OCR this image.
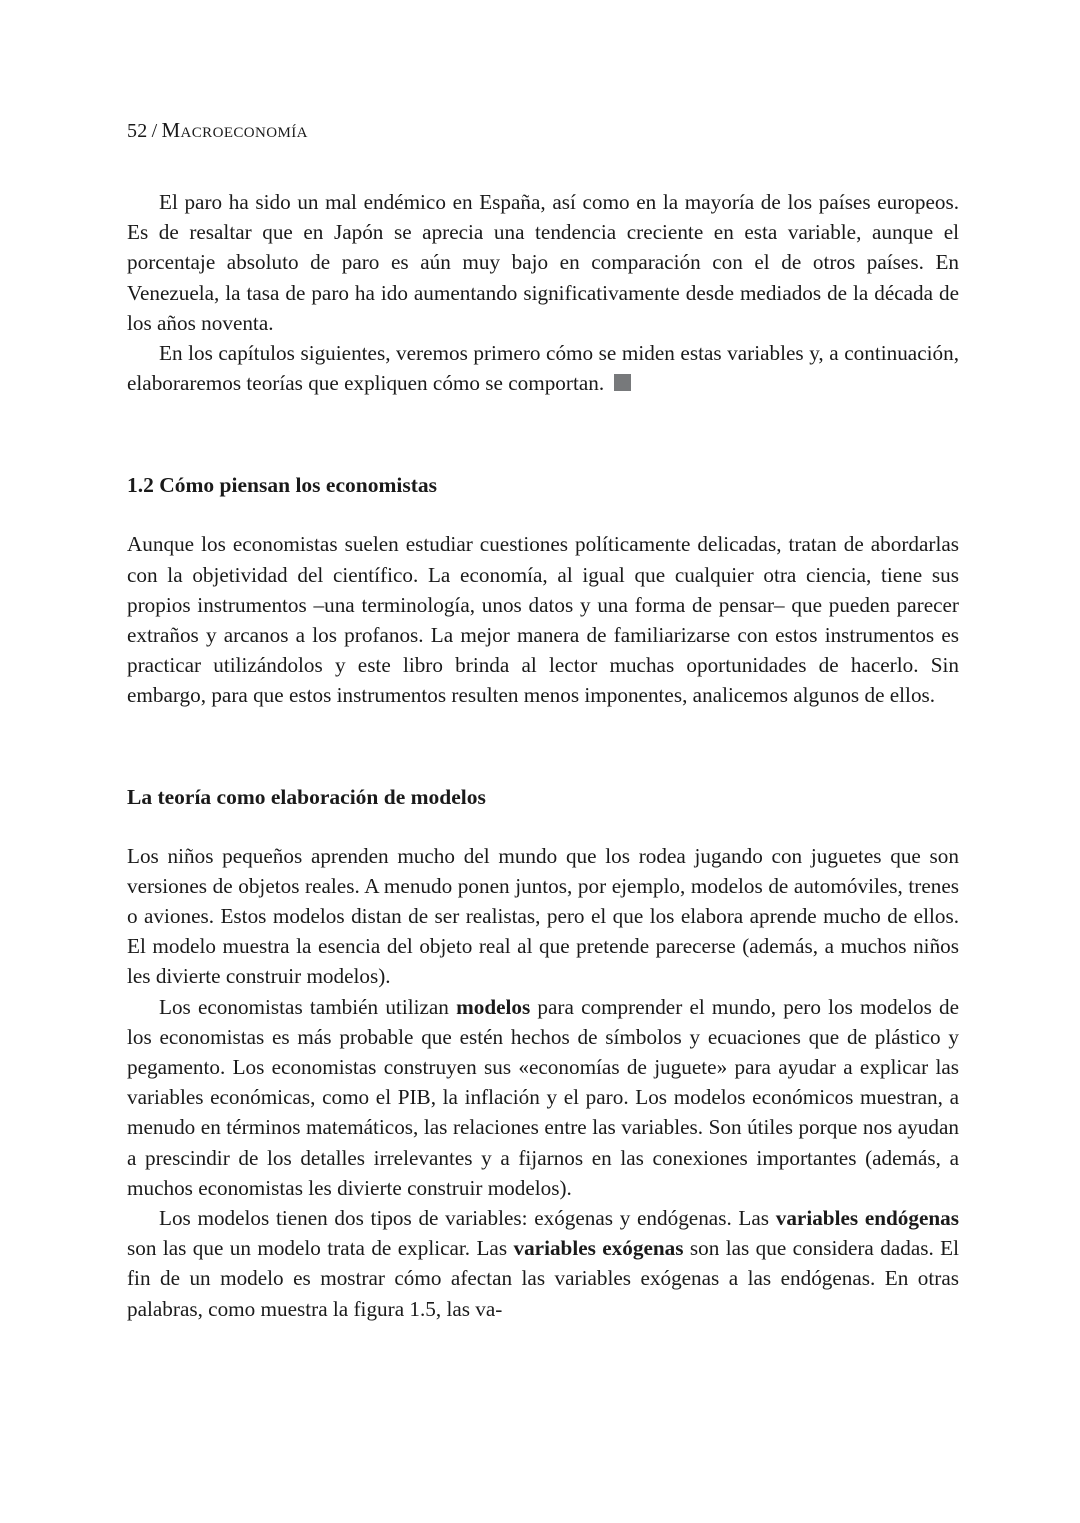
52 / Macroeconomía

El paro ha sido un mal endémico en España, así como en la mayoría de los países europeos. Es de resaltar que en Japón se aprecia una tendencia creciente en esta variable, aunque el porcentaje absoluto de paro es aún muy bajo en comparación con el de otros países. En Venezuela, la tasa de paro ha ido aumentando significativamente desde mediados de la década de los años noventa.

En los capítulos siguientes, veremos primero cómo se miden estas variables y, a continuación, elaboraremos teorías que expliquen cómo se comportan.

1.2 Cómo piensan los economistas

Aunque los economistas suelen estudiar cuestiones políticamente delicadas, tratan de abordarlas con la objetividad del científico. La economía, al igual que cualquier otra ciencia, tiene sus propios instrumentos –una terminología, unos datos y una forma de pensar– que pueden parecer extraños y arcanos a los profanos. La mejor manera de familiarizarse con estos instrumentos es practicar utilizándolos y este libro brinda al lector muchas oportunidades de hacerlo. Sin embargo, para que estos instrumentos resulten menos imponentes, analicemos algunos de ellos.

La teoría como elaboración de modelos

Los niños pequeños aprenden mucho del mundo que los rodea jugando con juguetes que son versiones de objetos reales. A menudo ponen juntos, por ejemplo, modelos de automóviles, trenes o aviones. Estos modelos distan de ser realistas, pero el que los elabora aprende mucho de ellos. El modelo muestra la esencia del objeto real al que pretende parecerse (además, a muchos niños les divierte construir modelos).

Los economistas también utilizan modelos para comprender el mundo, pero los modelos de los economistas es más probable que estén hechos de símbolos y ecuaciones que de plástico y pegamento. Los economistas construyen sus «economías de juguete» para ayudar a explicar las variables económicas, como el PIB, la inflación y el paro. Los modelos económicos muestran, a menudo en términos matemáticos, las relaciones entre las variables. Son útiles porque nos ayudan a prescindir de los detalles irrelevantes y a fijarnos en las conexiones importantes (además, a muchos economistas les divierte construir modelos).

Los modelos tienen dos tipos de variables: exógenas y endógenas. Las variables endógenas son las que un modelo trata de explicar. Las variables exógenas son las que considera dadas. El fin de un modelo es mostrar cómo afectan las variables exógenas a las endógenas. En otras palabras, como muestra la figura 1.5, las va-
